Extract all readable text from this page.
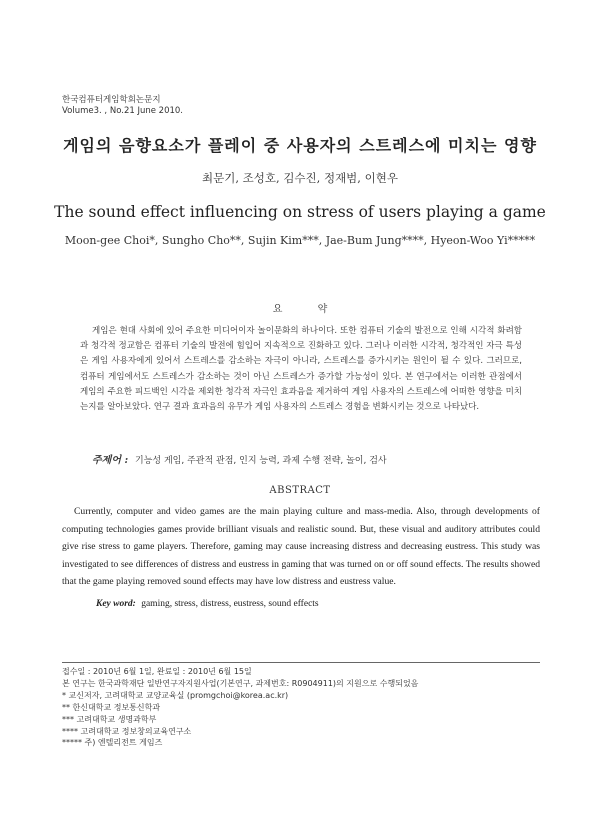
한국컴퓨터게임학회논문지
Volume3. , No.21 June 2010.
게임의 음향요소가 플레이 중 사용자의 스트레스에 미치는 영향
최문기, 조성호, 김수진, 정재범, 이현우
The sound effect influencing on stress of users playing a game
Moon-gee Choi*, Sungho Cho**, Sujin Kim***, Jae-Bum Jung****, Hyeon-Woo Yi*****
요 약
게임은 현대 사회에 있어 주요한 미디어이자 놀이문화의 하나이다. 또한 컴퓨터 기술의 발전으로 인해 시각적 화려함과 청각적 정교함은 컴퓨터 기술의 발전에 힘입어 지속적으로 진화하고 있다. 그러나 이러한 시각적, 청각적인 자극 특성은 게임 사용자에게 있어서 스트레스를 감소하는 자극이 아니라, 스트레스를 증가시키는 원인이 될 수 있다. 그러므로, 컴퓨터 게임에서도 스트레스가 감소하는 것이 아닌 스트레스가 증가할 가능성이 있다. 본 연구에서는 이러한 관점에서 게임의 주요한 피드백인 시각을 제외한 청각적 자극인 효과음을 제거하여 게임 사용자의 스트레스에 어떠한 영향을 미치는지를 알아보았다. 연구 결과 효과음의 유무가 게임 사용자의 스트레스 경험을 변화시키는 것으로 나타났다.
주제어 : 기능성 게임, 주관적 관점, 인지 능력, 과제 수행 전략, 놀이, 검사
ABSTRACT
Currently, computer and video games are the main playing culture and mass-media. Also, through developments of computing technologies games provide brilliant visuals and realistic sound. But, these visual and auditory attributes could give rise stress to game players. Therefore, gaming may cause increasing distress and decreasing eustress. This study was investigated to see differences of distress and eustress in gaming that was turned on or off sound effects. The results showed that the game playing removed sound effects may have low distress and eustress value.
Key word: gaming, stress, distress, eustress, sound effects
접수일 : 2010년 6월 1일, 완료일 : 2010년 6월 15일
본 연구는 한국과학재단 일반연구자지원사업(기본연구, 과제번호: R0904911)의 지원으로 수행되었음
* 교신저자, 고려대학교 교양교육실 (promgchoi@korea.ac.kr)
** 한신대학교 정보통신학과
*** 고려대학교 생명과학부
**** 고려대학교 정보창의교육연구소
***** 주) 엔텔리전트 게임즈
